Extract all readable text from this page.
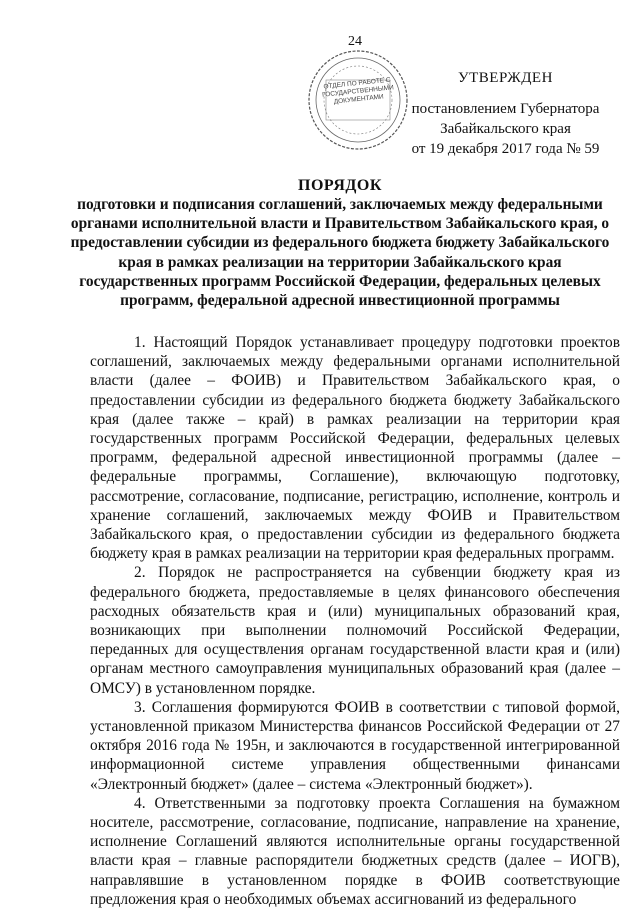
24
ОТДЕЛ ПО РАБОТЕ С ГОСУДАРСТВЕННЫМИ ДОКУМЕНТАМИ
УТВЕРЖДЕН
постановлением Губернатора
Забайкальского края
от 19 декабря 2017 года № 59
ПОРЯДОК
подготовки и подписания соглашений, заключаемых между федеральными органами исполнительной власти и Правительством Забайкальского края, о предоставлении субсидии из федерального бюджета бюджету Забайкальского края в рамках реализации на территории Забайкальского края государственных программ Российской Федерации, федеральных целевых программ, федеральной адресной инвестиционной программы

1. Настоящий Порядок устанавливает процедуру подготовки проектов соглашений, заключаемых между федеральными органами исполнительной власти (далее – ФОИВ) и Правительством Забайкальского края, о предоставлении субсидии из федерального бюджета бюджету Забайкальского края (далее также – край) в рамках реализации на территории края государственных программ Российской Федерации, федеральных целевых программ, федеральной адресной инвестиционной программы (далее – федеральные программы, Соглашение), включающую подготовку, рассмотрение, согласование, подписание, регистрацию, исполнение, контроль и хранение соглашений, заключаемых между ФОИВ и Правительством Забайкальского края, о предоставлении субсидии из федерального бюджета бюджету края в рамках реализации на территории края федеральных программ.

2. Порядок не распространяется на субвенции бюджету края из федерального бюджета, предоставляемые в целях финансового обеспечения расходных обязательств края и (или) муниципальных образований края, возникающих при выполнении полномочий Российской Федерации, переданных для осуществления органам государственной власти края и (или) органам местного самоуправления муниципальных образований края (далее – ОМСУ) в установленном порядке.

3. Соглашения формируются ФОИВ в соответствии с типовой формой, установленной приказом Министерства финансов Российской Федерации от 27 октября 2016 года № 195н, и заключаются в государственной интегрированной информационной системе управления общественными финансами «Электронный бюджет» (далее – система «Электронный бюджет»).

4. Ответственными за подготовку проекта Соглашения на бумажном носителе, рассмотрение, согласование, подписание, направление на хранение, исполнение Соглашений являются исполнительные органы государственной власти края – главные распорядители бюджетных средств (далее – ИОГВ), направлявшие в установленном порядке в ФОИВ соответствующие предложения края о необходимых объемах ассигнований из федерального
